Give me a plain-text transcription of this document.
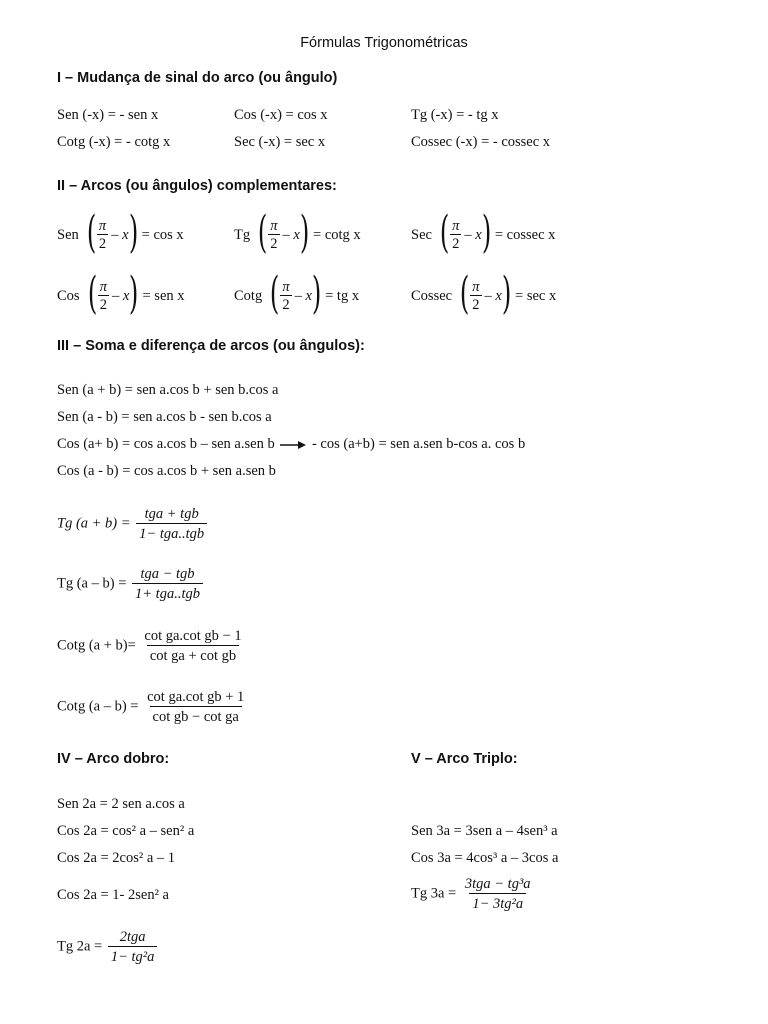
Fórmulas Trigonométricas
I – Mudança de sinal do arco (ou ângulo)
Sen (-x) = - sen x	Cos (-x) = cos x	Tg (-x) = - tg x
Cotg (-x) = - cotg x	Sec (-x) = sec x	Cossec (-x) = - cossec x
II – Arcos (ou ângulos) complementares:
Sen ( $\frac{\pi}{2}$ – x ) = cos x	Tg ( $\frac{\pi}{2}$ – x ) = cotg x	Sec ( $\frac{\pi}{2}$ – x ) = cossec x
Cos ( $\frac{\pi}{2}$ – x ) = sen x	Cotg ( $\frac{\pi}{2}$ – x ) = tg x	Cossec ( $\frac{\pi}{2}$ – x ) = sec x
III – Soma e diferença de arcos (ou ângulos):
Sen (a + b) = sen a.cos b + sen b.cos a
Sen (a - b) = sen a.cos b - sen b.cos a
Cos (a+ b) = cos a.cos b – sen a.sen b	- cos (a+b) = sen a.sen b-cos a. cos b
Cos (a - b) = cos a.cos b + sen a.sen b
Tg $(a + b) = \frac{\text{tga + tgb}}{\text{1− tga..tgb}}$
Tg $(a - b) = \frac{\text{tga − tgb}}{\text{1+ tga..tgb}}$
Cotg $(a + b)= \frac{\text{cot ga.cot gb − 1}}{\text{cot ga + cot gb}}$
Cotg $(a - b) = \frac{\text{cot ga.cot gb + 1}}{\text{cot gb − cot ga}}$
IV – Arco dobro:
Sen 2a = 2 sen a.cos a
Cos 2a = cos² a – sen² a
Cos 2a = 2cos² a – 1
Cos 2a = 1- 2sen² a
Tg $2a = \frac{\text{2tga}}{\text{1− tg²a}}$
V – Arco Triplo:
Sen 3a = 3sen a – 4sen³ a
Cos 3a = 4cos³ a – 3cos a
Tg $3a = \frac{\text{3tga − tg³a}}{\text{1− 3tg²a}}$
